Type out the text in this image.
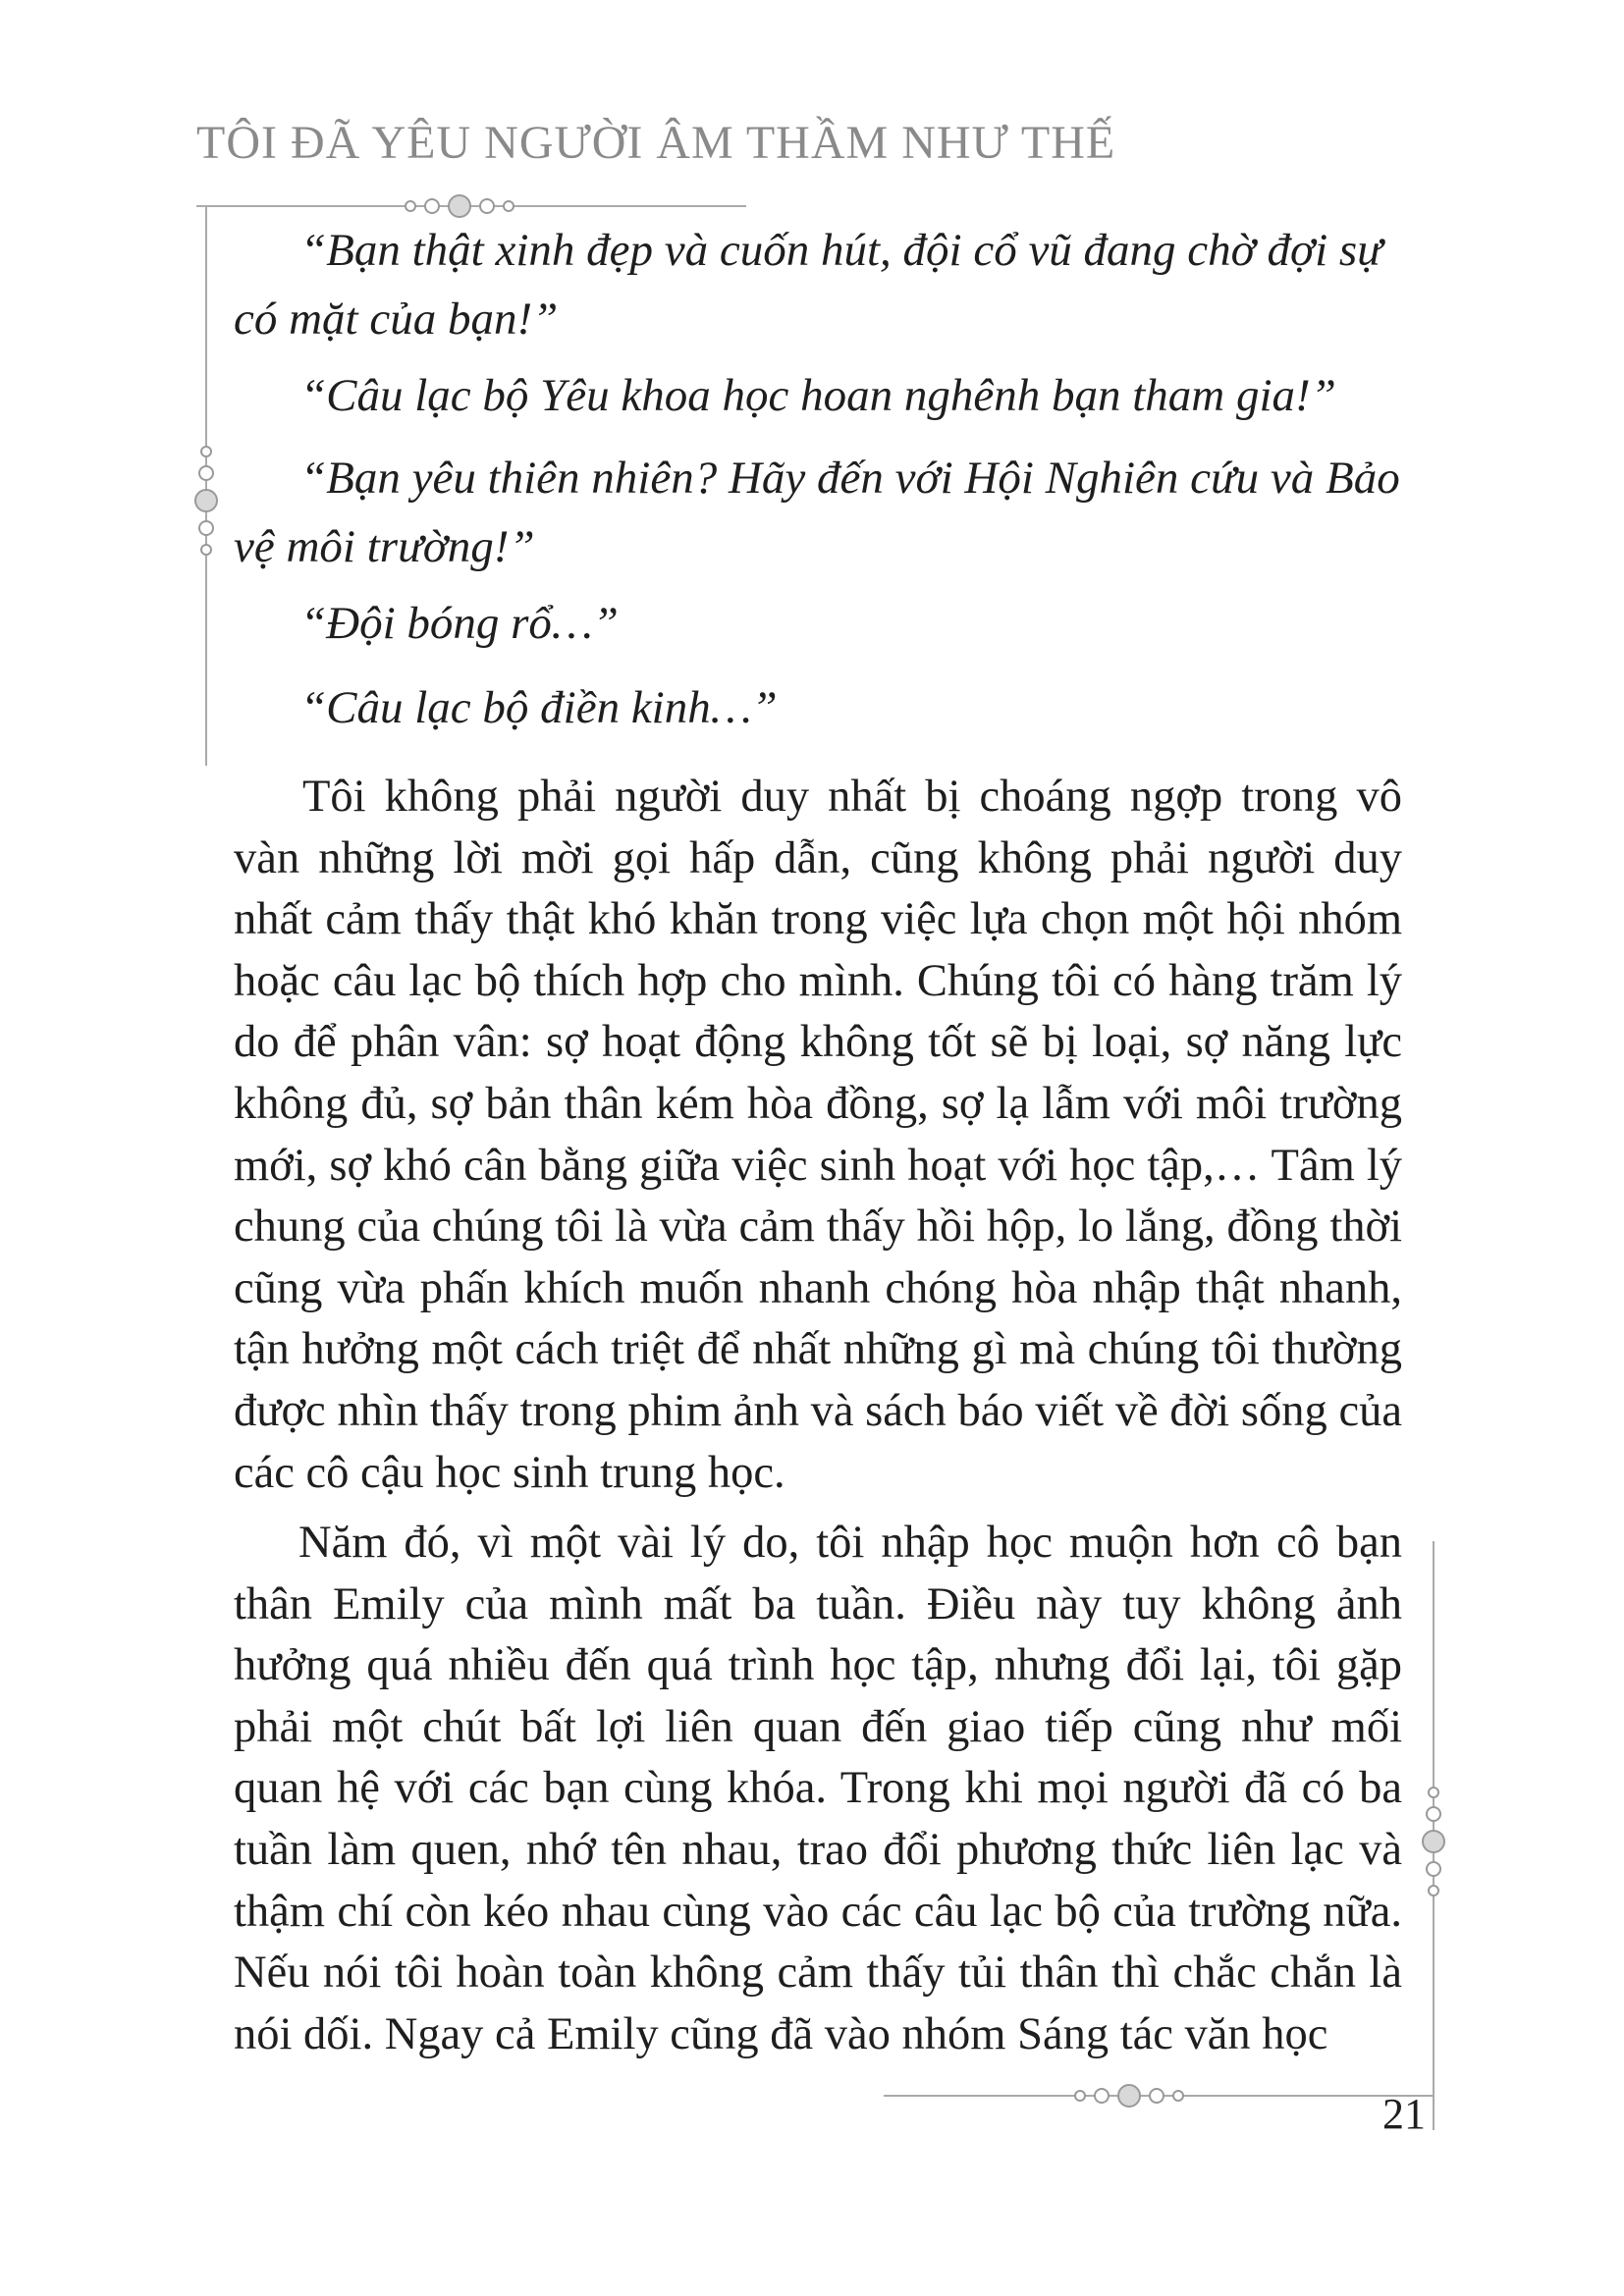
TÔI ĐÃ YÊU NGƯỜI ÂM THẦM NHƯ THẾ

“Bạn thật xinh đẹp và cuốn hút, đội cổ vũ đang chờ đợi sự có mặt của bạn!”

“Câu lạc bộ Yêu khoa học hoan nghênh bạn tham gia!”

“Bạn yêu thiên nhiên? Hãy đến với Hội Nghiên cứu và Bảo vệ môi trường!”

“Đội bóng rổ…”

“Câu lạc bộ điền kinh…”

Tôi không phải người duy nhất bị choáng ngợp trong vô vàn những lời mời gọi hấp dẫn, cũng không phải người duy nhất cảm thấy thật khó khăn trong việc lựa chọn một hội nhóm hoặc câu lạc bộ thích hợp cho mình. Chúng tôi có hàng trăm lý do để phân vân: sợ hoạt động không tốt sẽ bị loại, sợ năng lực không đủ, sợ bản thân kém hòa đồng, sợ lạ lẫm với môi trường mới, sợ khó cân bằng giữa việc sinh hoạt với học tập,… Tâm lý chung của chúng tôi là vừa cảm thấy hồi hộp, lo lắng, đồng thời cũng vừa phấn khích muốn nhanh chóng hòa nhập thật nhanh, tận hưởng một cách triệt để nhất những gì mà chúng tôi thường được nhìn thấy trong phim ảnh và sách báo viết về đời sống của các cô cậu học sinh trung học.

Năm đó, vì một vài lý do, tôi nhập học muộn hơn cô bạn thân Emily của mình mất ba tuần. Điều này tuy không ảnh hưởng quá nhiều đến quá trình học tập, nhưng đổi lại, tôi gặp phải một chút bất lợi liên quan đến giao tiếp cũng như mối quan hệ với các bạn cùng khóa. Trong khi mọi người đã có ba tuần làm quen, nhớ tên nhau, trao đổi phương thức liên lạc và thậm chí còn kéo nhau cùng vào các câu lạc bộ của trường nữa. Nếu nói tôi hoàn toàn không cảm thấy tủi thân thì chắc chắn là nói dối. Ngay cả Emily cũng đã vào nhóm Sáng tác văn học

21
